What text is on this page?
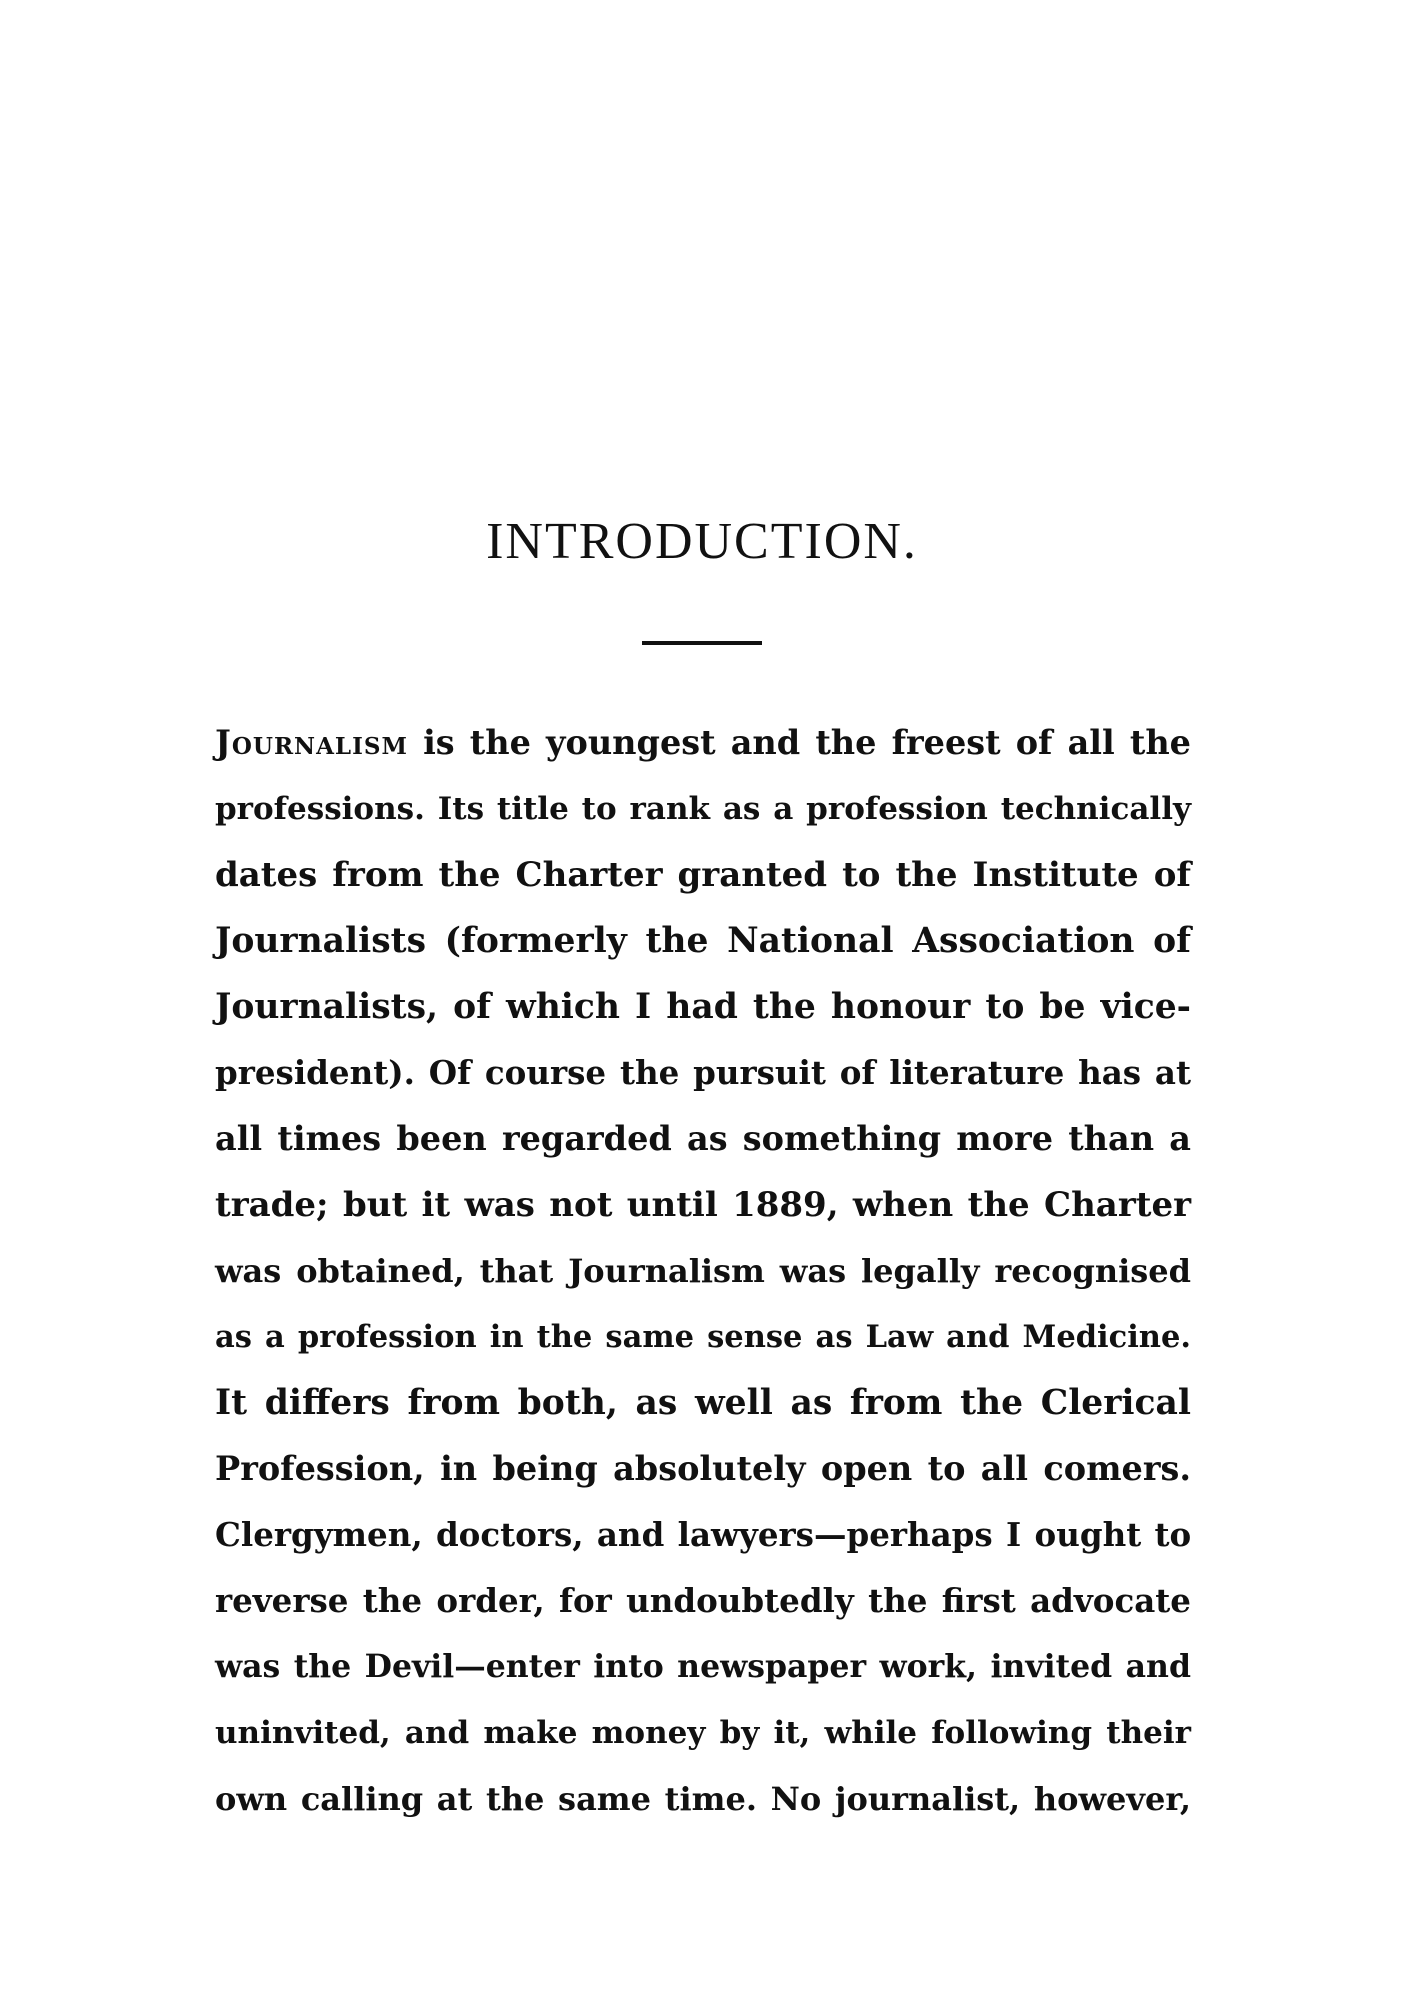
INTRODUCTION.
Journalism is the youngest and the freest of all the
professions. Its title to rank as a profession technically
dates from the Charter granted to the Institute of
Journalists (formerly the National Association of
Journalists, of which I had the honour to be vice-
president). Of course the pursuit of literature has at
all times been regarded as something more than a
trade; but it was not until 1889, when the Charter
was obtained, that Journalism was legally recognised
as a profession in the same sense as Law and Medicine.
It differs from both, as well as from the Clerical
Profession, in being absolutely open to all comers.
Clergymen, doctors, and lawyers—perhaps I ought to
reverse the order, for undoubtedly the first advocate
was the Devil—enter into newspaper work, invited and
uninvited, and make money by it, while following their
own calling at the same time. No journalist, however,
